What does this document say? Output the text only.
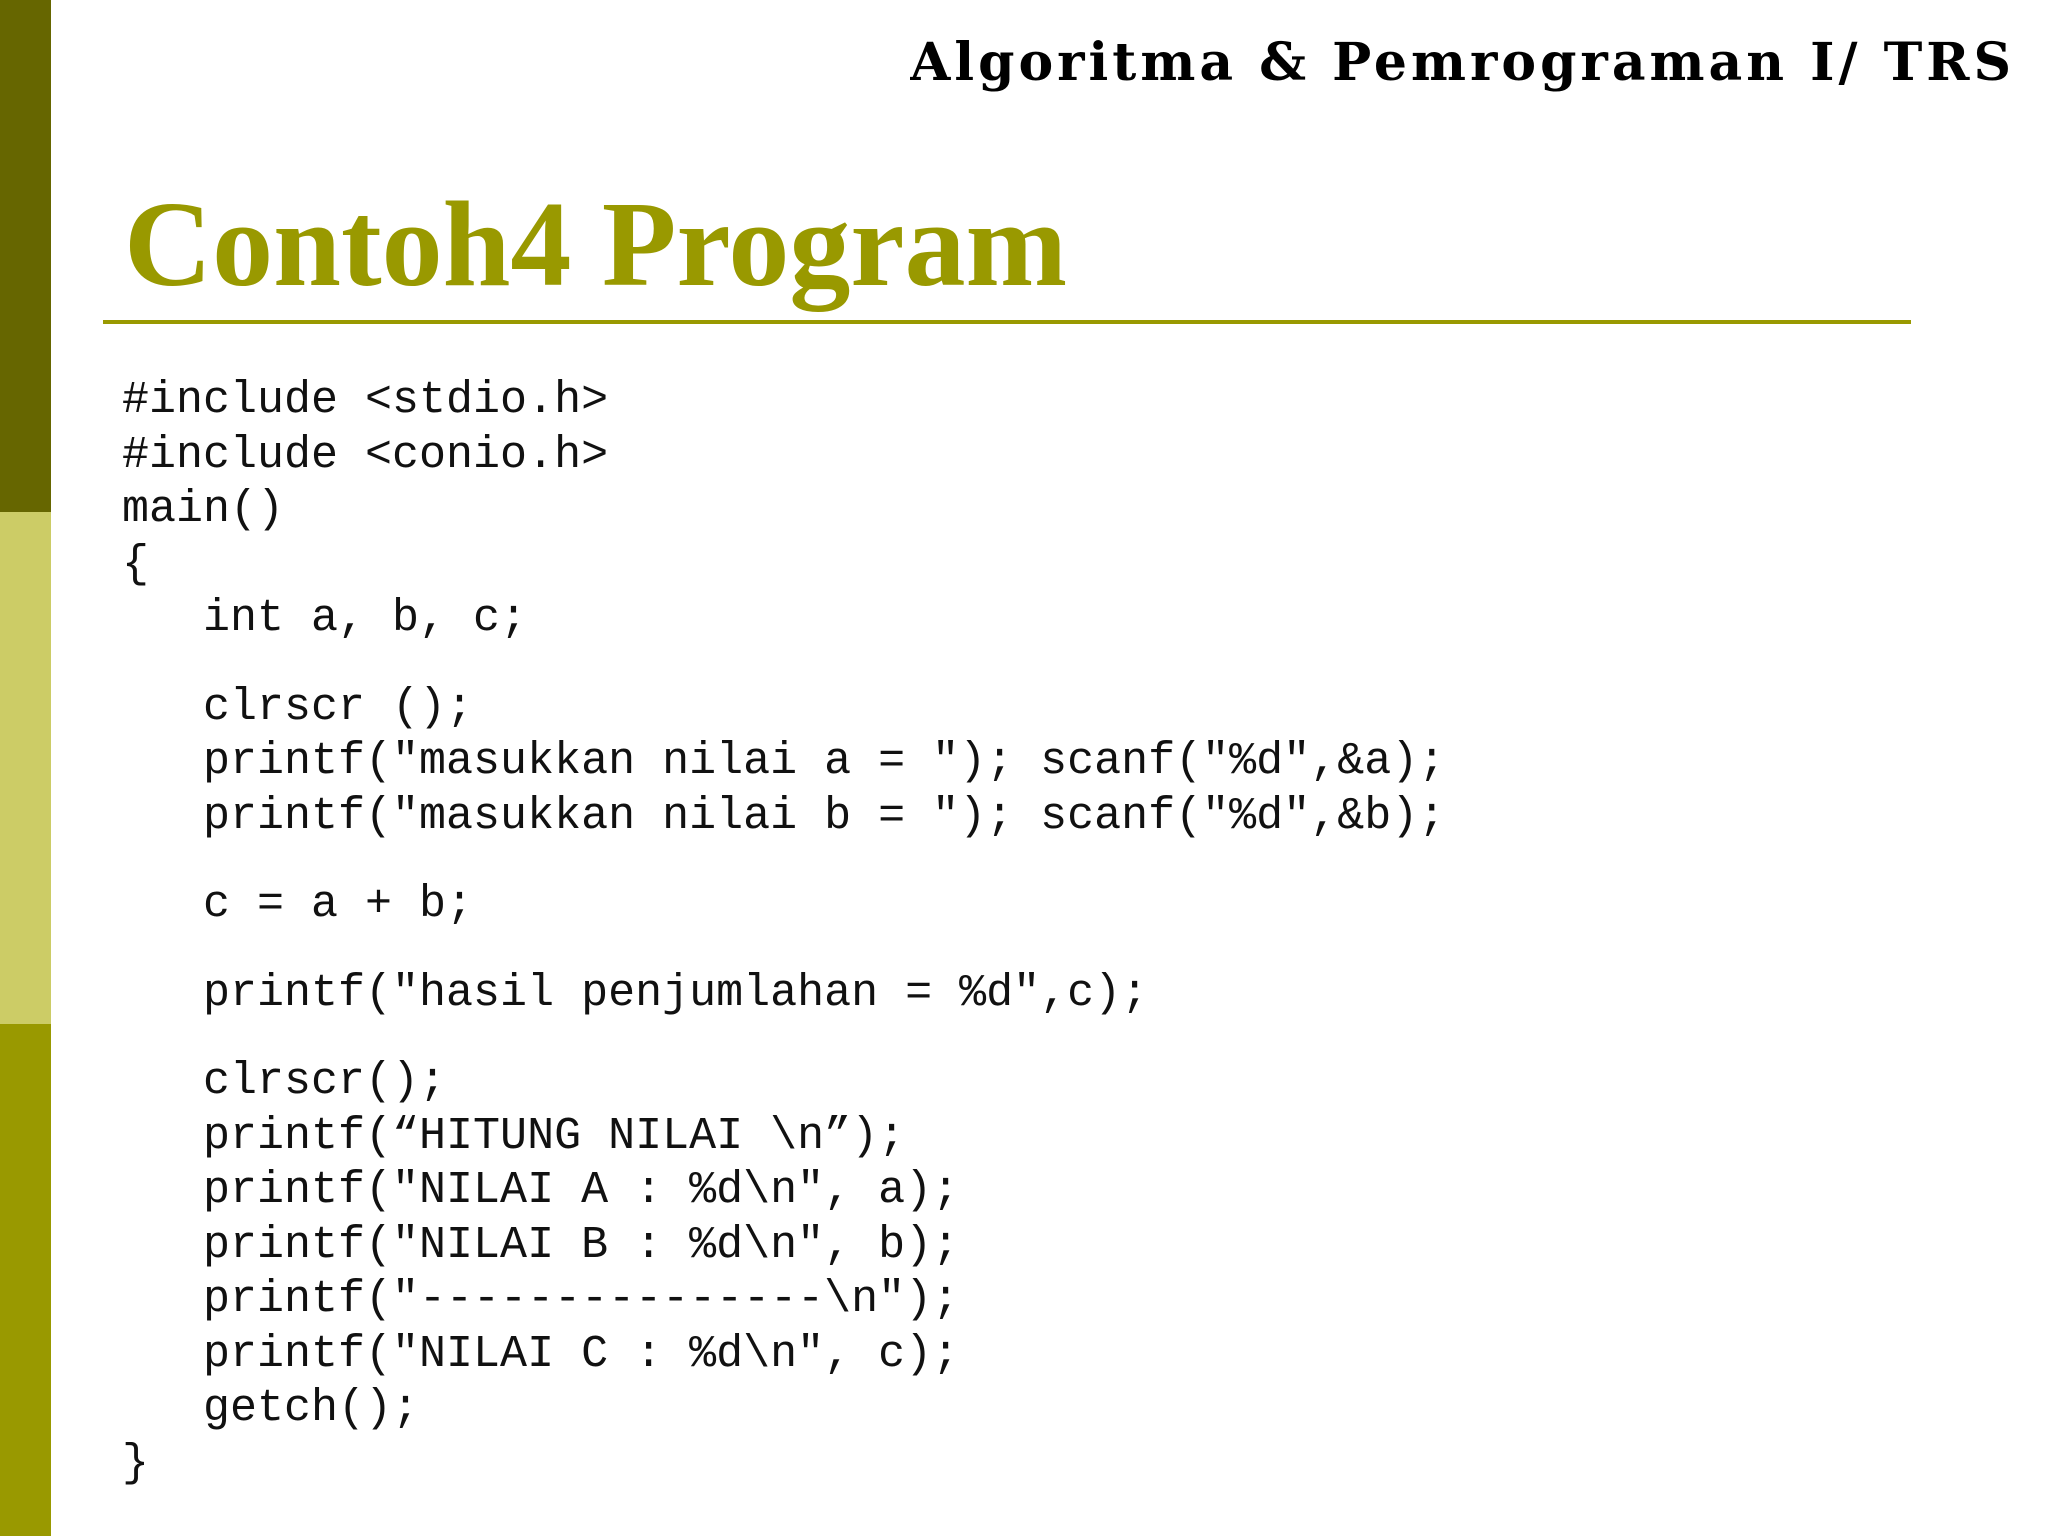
Algoritma & Pemrograman I/ TRS
Contoh4 Program
#include <stdio.h>
#include <conio.h>
main()
{
int a, b, c;
clrscr ();
printf("masukkan nilai a = "); scanf("%d",&a);
printf("masukkan nilai b = "); scanf("%d",&b);
c = a + b;
printf("hasil penjumlahan = %d",c);
clrscr();
printf(“HITUNG NILAI \n”);
printf("NILAI A : %d\n", a);
printf("NILAI B : %d\n", b);
printf("---------------\n");
printf("NILAI C : %d\n", c);
getch();
}
